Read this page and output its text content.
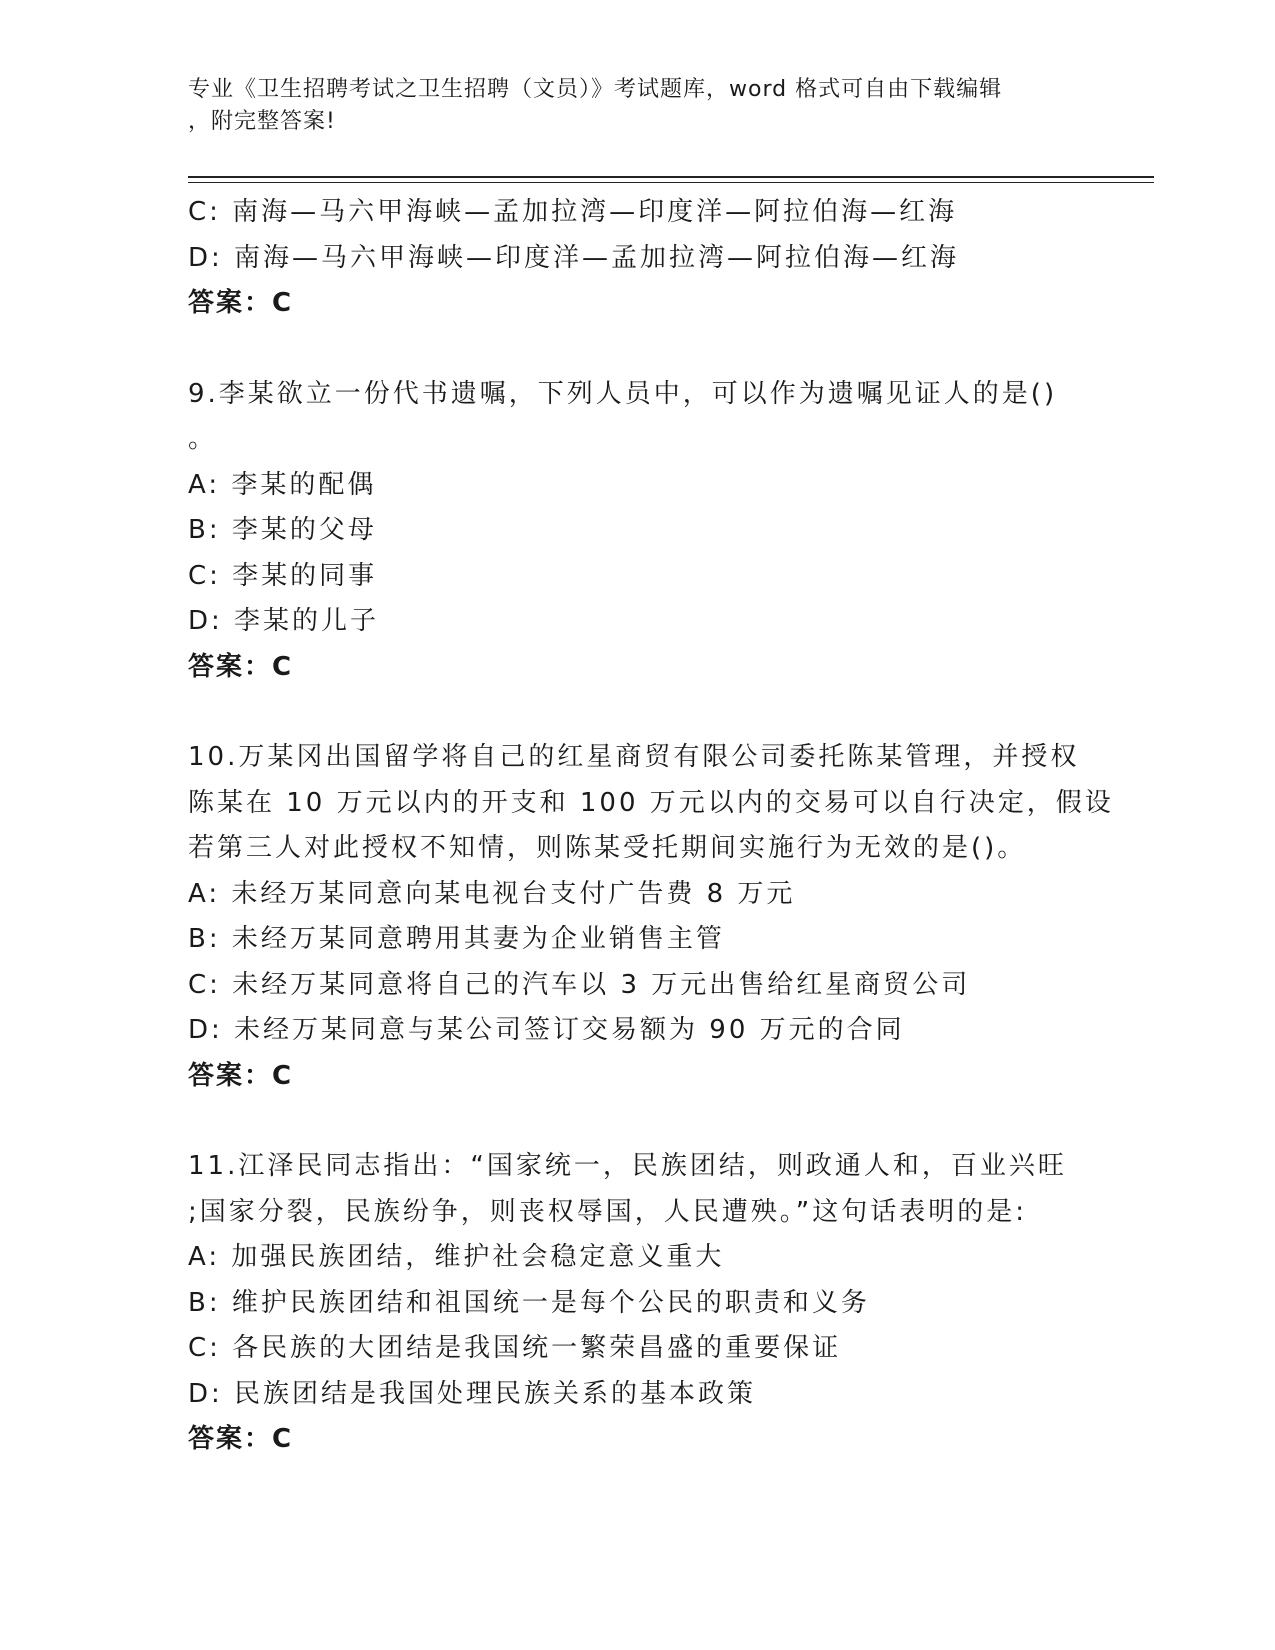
专业《卫生招聘考试之卫生招聘（文员）》考试题库，word 格式可自由下载编辑
，附完整答案!
C: 南海—马六甲海峡—孟加拉湾—印度洋—阿拉伯海—红海
D: 南海—马六甲海峡—印度洋—孟加拉湾—阿拉伯海—红海
答案：C
9.李某欲立一份代书遗嘱，下列人员中，可以作为遗嘱见证人的是()
。
A: 李某的配偶
B: 李某的父母
C: 李某的同事
D: 李某的儿子
答案：C
10.万某冈出国留学将自己的红星商贸有限公司委托陈某管理，并授权
陈某在 10 万元以内的开支和 100 万元以内的交易可以自行决定，假设
若第三人对此授权不知情，则陈某受托期间实施行为无效的是()。
A: 未经万某同意向某电视台支付广告费 8 万元
B: 未经万某同意聘用其妻为企业销售主管
C: 未经万某同意将自己的汽车以 3 万元出售给红星商贸公司
D: 未经万某同意与某公司签订交易额为 90 万元的合同
答案：C
11.江泽民同志指出：“国家统一，民族团结，则政通人和，百业兴旺
;国家分裂，民族纷争，则丧权辱国，人民遭殃。”这句话表明的是:
A: 加强民族团结，维护社会稳定意义重大
B: 维护民族团结和祖国统一是每个公民的职责和义务
C: 各民族的大团结是我国统一繁荣昌盛的重要保证
D: 民族团结是我国处理民族关系的基本政策
答案：C
